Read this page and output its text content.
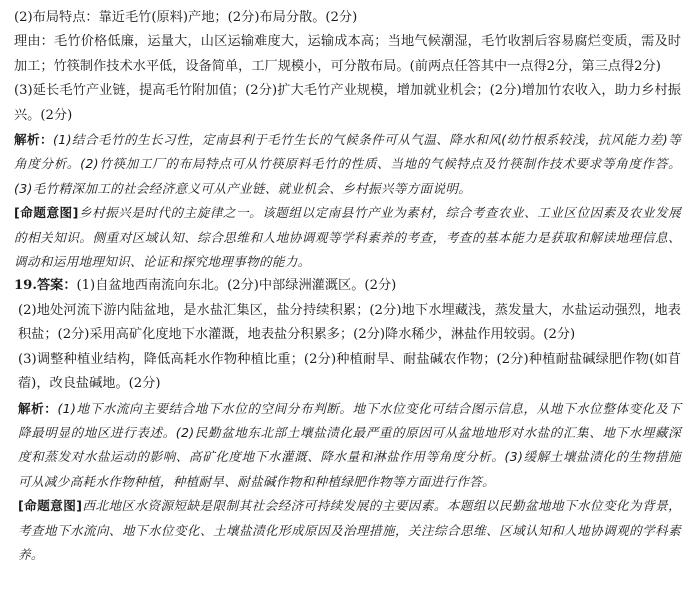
(2)布局特点：靠近毛竹(原料)产地；(2分)布局分散。(2分)

理由：毛竹价格低廉，运量大，山区运输难度大，运输成本高；当地气候潮湿，毛竹收割后容易腐烂变质，需及时加工；竹筷制作技术水平低，设备简单，工厂规模小，可分散布局。(前两点任答其中一点得2分，第三点得2分)

(3)延长毛竹产业链，提高毛竹附加值；(2分)扩大毛竹产业规模，增加就业机会；(2分)增加竹农收入，助力乡村振兴。(2分)

解析：(1)结合毛竹的生长习性，定南县利于毛竹生长的气候条件可从气温、降水和风(幼竹根系较浅，抗风能力差)等角度分析。(2)竹筷加工厂的布局特点可从竹筷原料毛竹的性质、当地的气候特点及竹筷制作技术要求等角度作答。(3)毛竹精深加工的社会经济意义可从产业链、就业机会、乡村振兴等方面说明。

[命题意图]乡村振兴是时代的主旋律之一。该题组以定南县竹产业为素材，综合考查农业、工业区位因素及农业发展的相关知识。侧重对区域认知、综合思维和人地协调观等学科素养的考查，考查的基本能力是获取和解读地理信息、调动和运用地理知识、论证和探究地理事物的能力。

19.答案：(1)自盆地西南流向东北。(2分)中部绿洲灌溉区。(2分)

(2)地处河流下游内陆盆地，是水盐汇集区，盐分持续积累；(2分)地下水埋藏浅，蒸发量大，水盐运动强烈，地表积盐；(2分)采用高矿化度地下水灌溉，地表盐分积累多；(2分)降水稀少，淋盐作用较弱。(2分)

(3)调整种植业结构，降低高耗水作物种植比重；(2分)种植耐旱、耐盐碱农作物；(2分)种植耐盐碱绿肥作物(如苜蓿)，改良盐碱地。(2分)

解析：(1)地下水流向主要结合地下水位的空间分布判断。地下水位变化可结合图示信息，从地下水位整体变化及下降最明显的地区进行表述。(2)民勤盆地东北部土壤盐渍化最严重的原因可从盆地地形对水盐的汇集、地下水埋藏深度和蒸发对水盐运动的影响、高矿化度地下水灌溉、降水量和淋盐作用等角度分析。(3)缓解土壤盐渍化的生物措施可从减少高耗水作物种植，种植耐旱、耐盐碱作物和种植绿肥作物等方面进行作答。

[命题意图]西北地区水资源短缺是限制其社会经济可持续发展的主要因素。本题组以民勤盆地地下水位变化为背景，考查地下水流向、地下水位变化、土壤盐渍化形成原因及治理措施，关注综合思维、区域认知和人地协调观的学科素养。
